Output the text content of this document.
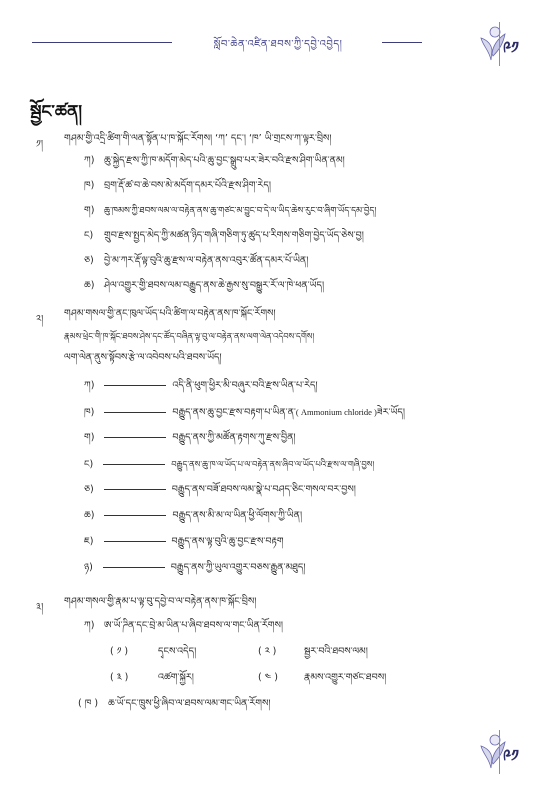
སློབ་ཆེན་འཛིན་ཐབས་ཀྱི་དབྱེ་འབྱེད།	༩༡
སྦྱོང་ཚན།
༡།
གཤམ་གྱི་འདྲི་ཚིག་གི་ལན་སྟོན་པ་ཁ་སྐོང་རོགས། ‘ཀ’ དང་། ‘ཁ’ ཡི་གྲངས་ཀ་ལྟར་བྲིས།
ཀ) ཆུ་སྐྱེད་རྫས་ཀྱི་ཁ་མདོག་མེད་པའི་ཆུ་བྱང་སྒྲུབ་པར་ཟེར་བའི་རྫས་ཤིག་ཡིན་ནམ།
ཁ) བྲག་རྡོ་ཚ་བ་ཆེ་བས་མེ་མདོག་དམར་པོའི་རྫས་ཤིག་རེད།
ག) ཆུ་ཁམས་ཀྱི་ཐབས་ལམ་ལ་བརྟེན་ནས་ཆུ་གཙང་མ་བྱུང་བ་དེ་ལ་ཡིད་ཆེས་རུང་བ་ཞིག་ཡོད་དམ་བྱེད།
ང) གྲུབ་རྫས་སྤྱད་མེད་ཀྱི་མཚན་ཉིད་གཞི་གཅིག་ཏུ་ཚུད་པ་རིགས་གཅིག་བྱེད་ཡོད་ཅེས་བྱ།
ཅ) བྱེ་མ་ཀར་རྡོ་ལྟ་བུའི་ཆུ་རྫས་ལ་བརྟེན་ནས་འབུར་ཚོན་དམར་པོ་ཡིན།
ཆ) ཤེལ་འགྱུར་གྱི་ཐབས་ལམ་བརྒྱུད་ནས་ཆེ་རྒྱས་སུ་བསྒྱུར་རོ་ལ་ཁེ་ཕན་ཡོད།
༢།
གཤམ་གསལ་གྱི་ནང་ཁུལ་ཡོད་པའི་ཚིག་ལ་བརྟེན་ནས་ཁ་སྐོང་རོགས།
རྣམས་ཕྲེང་གི་ཁ་སྐོང་ཐབས་ཤེས་དང་ཚོད་བཞིན་ལྟ་བུ་ལ་བརྟེན་ནས་ལག་ལེན་འདེབས་དགོས།
ལག་ལེན་ནུས་སྟོབས་རྩེ་ལ་འབེབས་པའི་ཐབས་ཡོད།
ཀ)	འདི་ནི་ཕུག་ཕྱིར་མི་བཞུར་བའི་རྫས་ཡིན་པ་རེད།
ཁ)	བརྒྱུད་ནས་ཆུ་བྱང་རྫས་བརྟག་པ་ཡིན་ན་( Ammonium chloride )ཟེར་ཡོད།
ག)	བརྒྱུད་ནས་ཀྱི་མཚོན་རྟགས་ཀུ་རྫས་བྱིན།
ང)	བརྒྱུད་ནས་ཆུ་ཁ་ལ་ཡོད་པ་ལ་བརྟེན་ནས་ཞིབ་ལ་ཡོད་པའི་རྫས་ལ་གཞི་བྱས།
ཅ)	བརྒྱུད་ནས་བཟོ་ཐབས་ལམ་སྣེ་པ་བཤད་ཅིང་གསལ་བར་བྱས།
ཆ)	བརྒྱུད་ནས་མི་མ་ལ་ཡིན་ཕྱི་ལོགས་ཀྱི་ཡིན།
ཇ)	བརྒྱུད་ནས་ལྟ་བུའི་ཆུ་བྱང་རྫས་བརྟག
ཉ)	བརྒྱུད་ནས་ཀྱི་ཡུལ་འགྱུར་བཅས་རྒྱུན་མཐུད།
༣།
གཤམ་གསལ་གྱི་རྣམ་པ་ལྟ་བུ་དབྱེ་བ་ལ་བརྟེན་ནས་ཁ་སྐོང་བྲིས།
ཀ) ཨ་ཡོ་ཌིན་དང་བྲེ་མ་ཡིན་པ་ཞིབ་ཐབས་ལ་གང་ཡིན་རོགས།
( ༡ )	དྭངས་འདེད།	( ༢ )	སྦྱར་བའི་ཐབས་ལམ།
( ༣ )	འཚག་སྐྱོར།	( ༤ )	རྣམས་འགྱུར་གཙང་ཐབས།
( ཁ ) ཆ་ཡོ་དང་ཁྲུས་ཕྱི་ཞིབ་ལ་ཐབས་ལམ་གང་ཡིན་རོགས།
༩༡
